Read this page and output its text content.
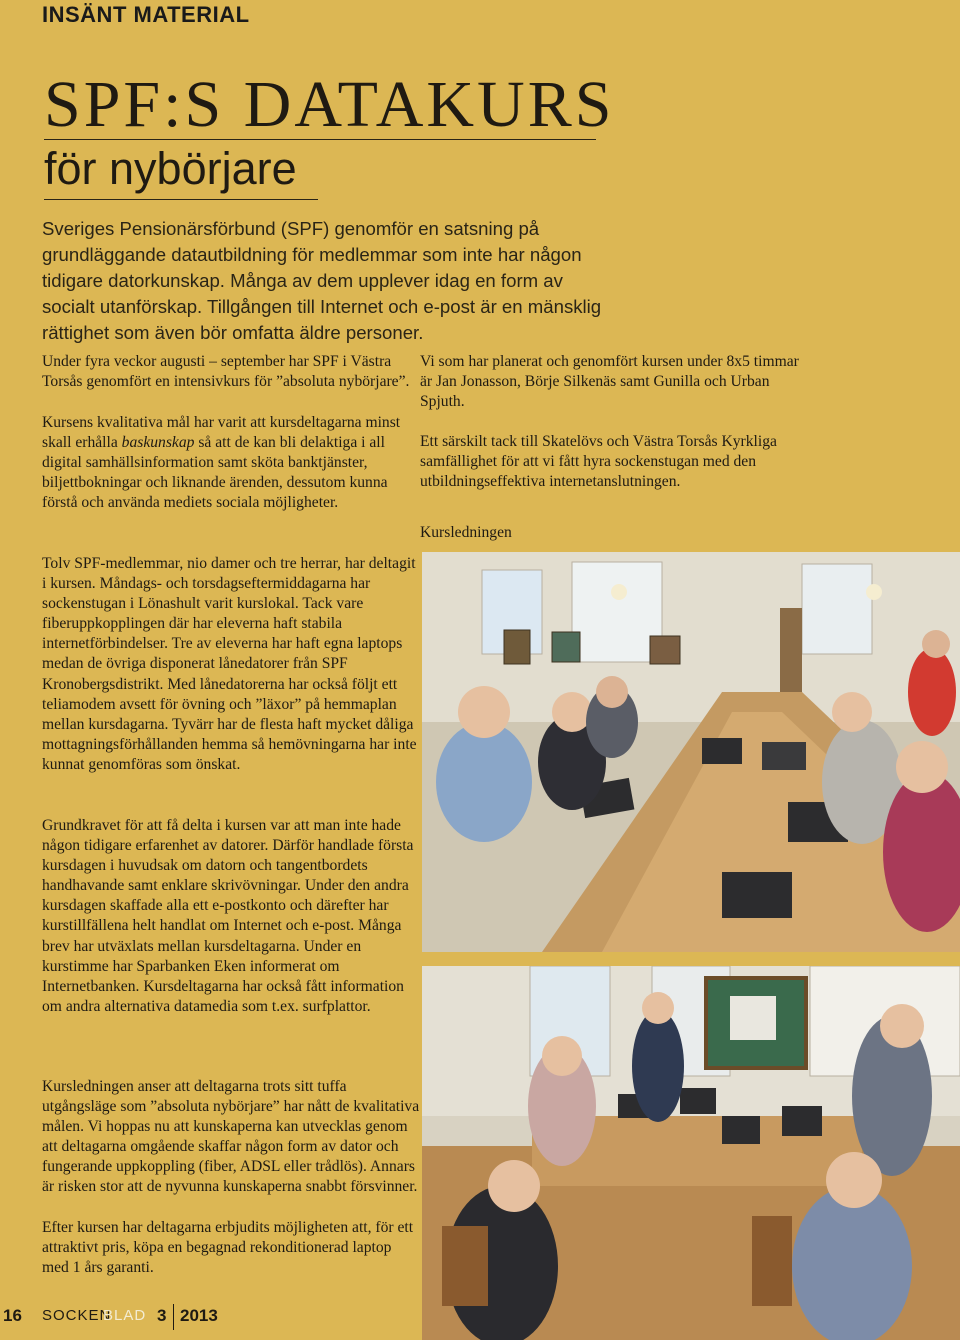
INSÄNT MATERIAL
SPF:S DATAKURS
för nybörjare

Sveriges Pensionärsförbund (SPF) genomför en satsning på grundläggande datautbildning för medlemmar som inte har någon tidigare datorkunskap. Många av dem upplever idag en form av socialt utanförskap. Tillgången till Internet och e-post är en mänsklig rättighet som även bör omfatta äldre personer.

Under fyra veckor augusti – september har SPF i Västra Torsås genomfört en intensivkurs för ”absoluta nybörjare”.

Kursens kvalitativa mål har varit att kursdeltagarna minst skall erhålla baskunskap så att de kan bli delaktiga i all digital samhällsinformation samt sköta banktjänster, biljettbokningar och liknande ärenden, dessutom kunna förstå och använda mediets sociala möjligheter.

Tolv SPF-medlemmar, nio damer och tre herrar, har deltagit i kursen. Måndags- och torsdagseftermiddagarna har sockenstugan i Lönashult varit kurslokal. Tack vare fiberuppkopplingen där har eleverna haft stabila internetförbindelser. Tre av eleverna har haft egna laptops medan de övriga disponerat lånedatorer från SPF Kronobergsdistrikt. Med lånedatorerna har också följt ett teliamodem avsett för övning och ”läxor” på hemmaplan mellan kursdagarna. Tyvärr har de flesta haft mycket dåliga mottagningsförhållanden hemma så hemövningarna har inte kunnat genomföras som önskat.

Grundkravet för att få delta i kursen var att man inte hade någon tidigare erfarenhet av datorer. Därför handlade första kursdagen i huvudsak om datorn och tangentbordets handhavande samt enklare skrivövningar. Under den andra kursdagen skaffade alla ett e-postkonto och därefter har kurstillfällena helt handlat om Internet och e-post. Många brev har utväxlats mellan kursdeltagarna. Under en kurstimme har Sparbanken Eken informerat om Internetbanken. Kursdeltagarna har också fått information om andra alternativa datamedia som t.ex. surfplattor.

Kursledningen anser att deltagarna trots sitt tuffa utgångsläge som ”absoluta nybörjare” har nått de kvalitativa målen. Vi hoppas nu att kunskaperna kan utvecklas genom att deltagarna omgående skaffar någon form av dator och fungerande uppkoppling (fiber, ADSL eller trådlös). Annars är risken stor att de nyvunna kunskaperna snabbt försvinner.

Efter kursen har deltagarna erbjudits möjligheten att, för ett attraktivt pris, köpa en begagnad rekonditionerad laptop med 1 års garanti.

Vi som har planerat och genomfört kursen under 8x5 timmar är Jan Jonasson, Börje Silkenäs samt Gunilla och Urban Spjuth.

Ett särskilt tack till Skatelövs och Västra Torsås Kyrkliga samfällighet för att vi fått hyra sockenstugan med den utbildningseffektiva internetanslutningen.

Kursledningen

16 SOCKEN
BLAD 3 2013
